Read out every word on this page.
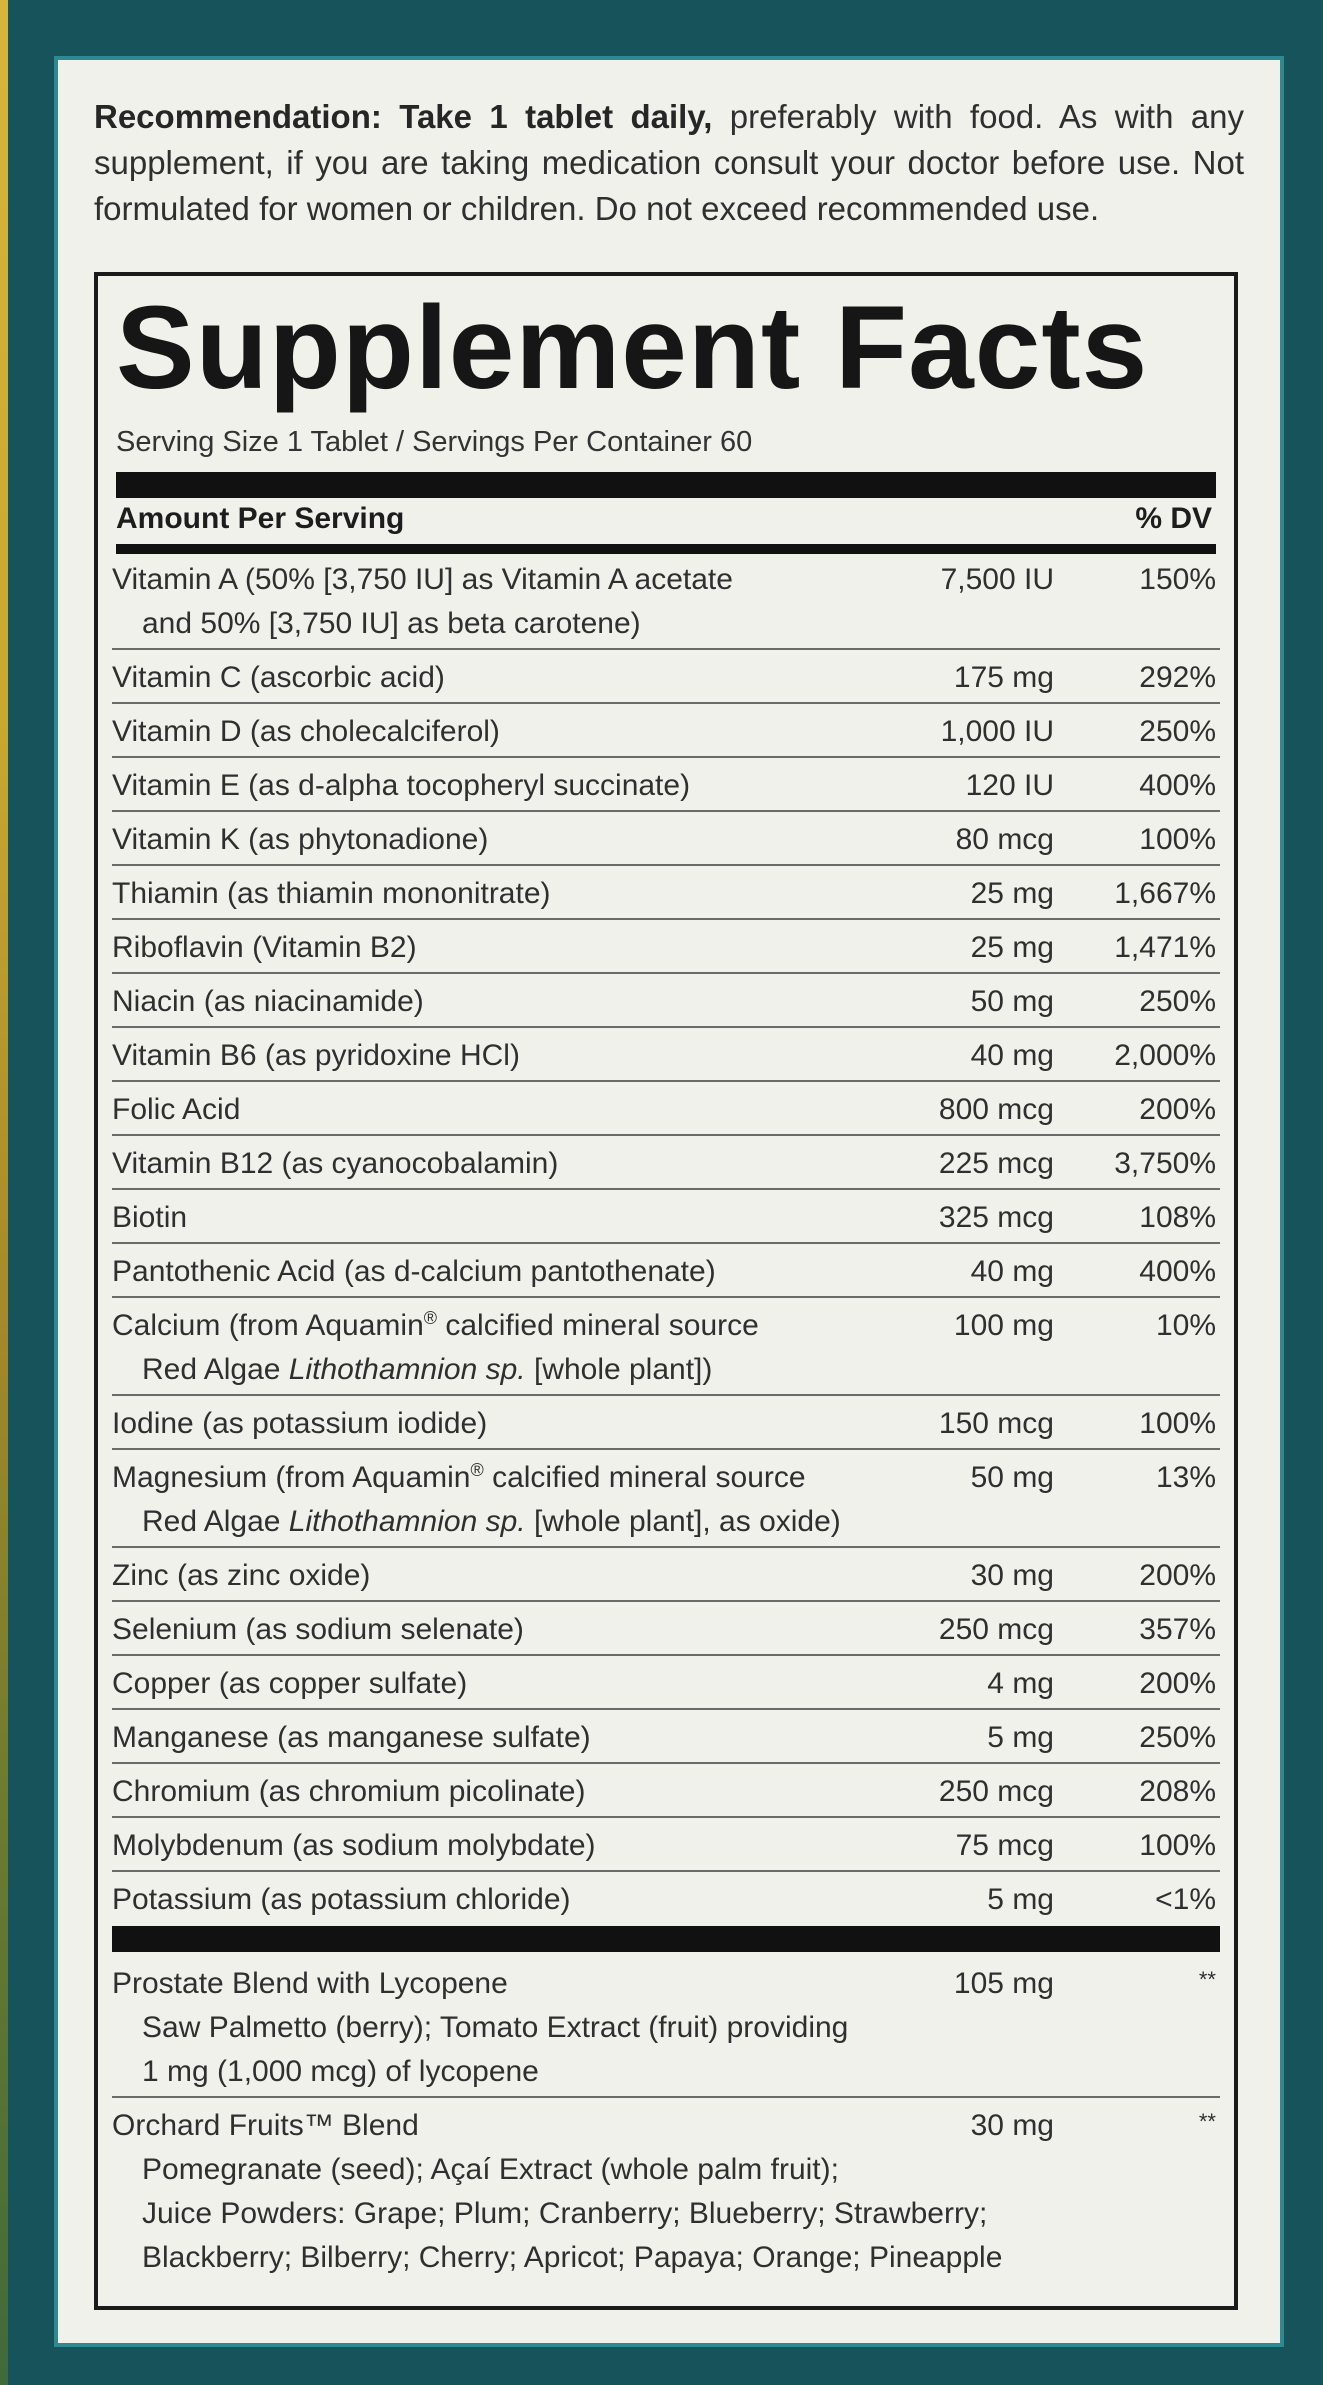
Recommendation: Take 1 tablet daily, preferably with food. As with any supplement, if you are taking medication consult your doctor before use. Not formulated for women or children. Do not exceed recommended use.
Supplement Facts
Serving Size 1 Tablet / Servings Per Container 60
Amount Per Serving	% DV
Vitamin A (50% [3,750 IU] as Vitamin A acetate
and 50% [3,750 IU] as beta carotene)
7,500 IU	150%
Vitamin C (ascorbic acid)	175 mg	292%
Vitamin D (as cholecalciferol)	1,000 IU	250%
Vitamin E (as d-alpha tocopheryl succinate)	120 IU	400%
Vitamin K (as phytonadione)	80 mcg	100%
Thiamin (as thiamin mononitrate)	25 mg 1,667%
Riboflavin (Vitamin B2)	25 mg 1,471%
Niacin (as niacinamide)	50 mg	250%
Vitamin B6 (as pyridoxine HCl)	40 mg 2,000%
Folic Acid	800 mcg	200%
Vitamin B12 (as cyanocobalamin)	225 mcg 3,750%
Biotin	325 mcg	108%
Pantothenic Acid (as d-calcium pantothenate)	40 mg	400%
Calcium (from Aquamin® calcified mineral source
Red Algae Lithothamnion sp. [whole plant])
100 mg	10%
Iodine (as potassium iodide)	150 mcg	100%
Magnesium (from Aquamin® calcified mineral source
Red Algae Lithothamnion sp. [whole plant], as oxide)
50 mg	13%
Zinc (as zinc oxide)	30 mg	200%
Selenium (as sodium selenate)	250 mcg	357%
Copper (as copper sulfate)	4 mg	200%
Manganese (as manganese sulfate)	5 mg	250%
Chromium (as chromium picolinate)	250 mcg	208%
Molybdenum (as sodium molybdate)	75 mcg	100%
Potassium (as potassium chloride)	5 mg	<1%
Prostate Blend with Lycopene
Saw Palmetto (berry); Tomato Extract (fruit) providing
1 mg (1,000 mcg) of lycopene
105 mg	**
Orchard Fruits™ Blend
Pomegranate (seed); Açaí Extract (whole palm fruit);
Juice Powders: Grape; Plum; Cranberry; Blueberry; Strawberry;
Blackberry; Bilberry; Cherry; Apricot; Papaya; Orange; Pineapple
30 mg	**
